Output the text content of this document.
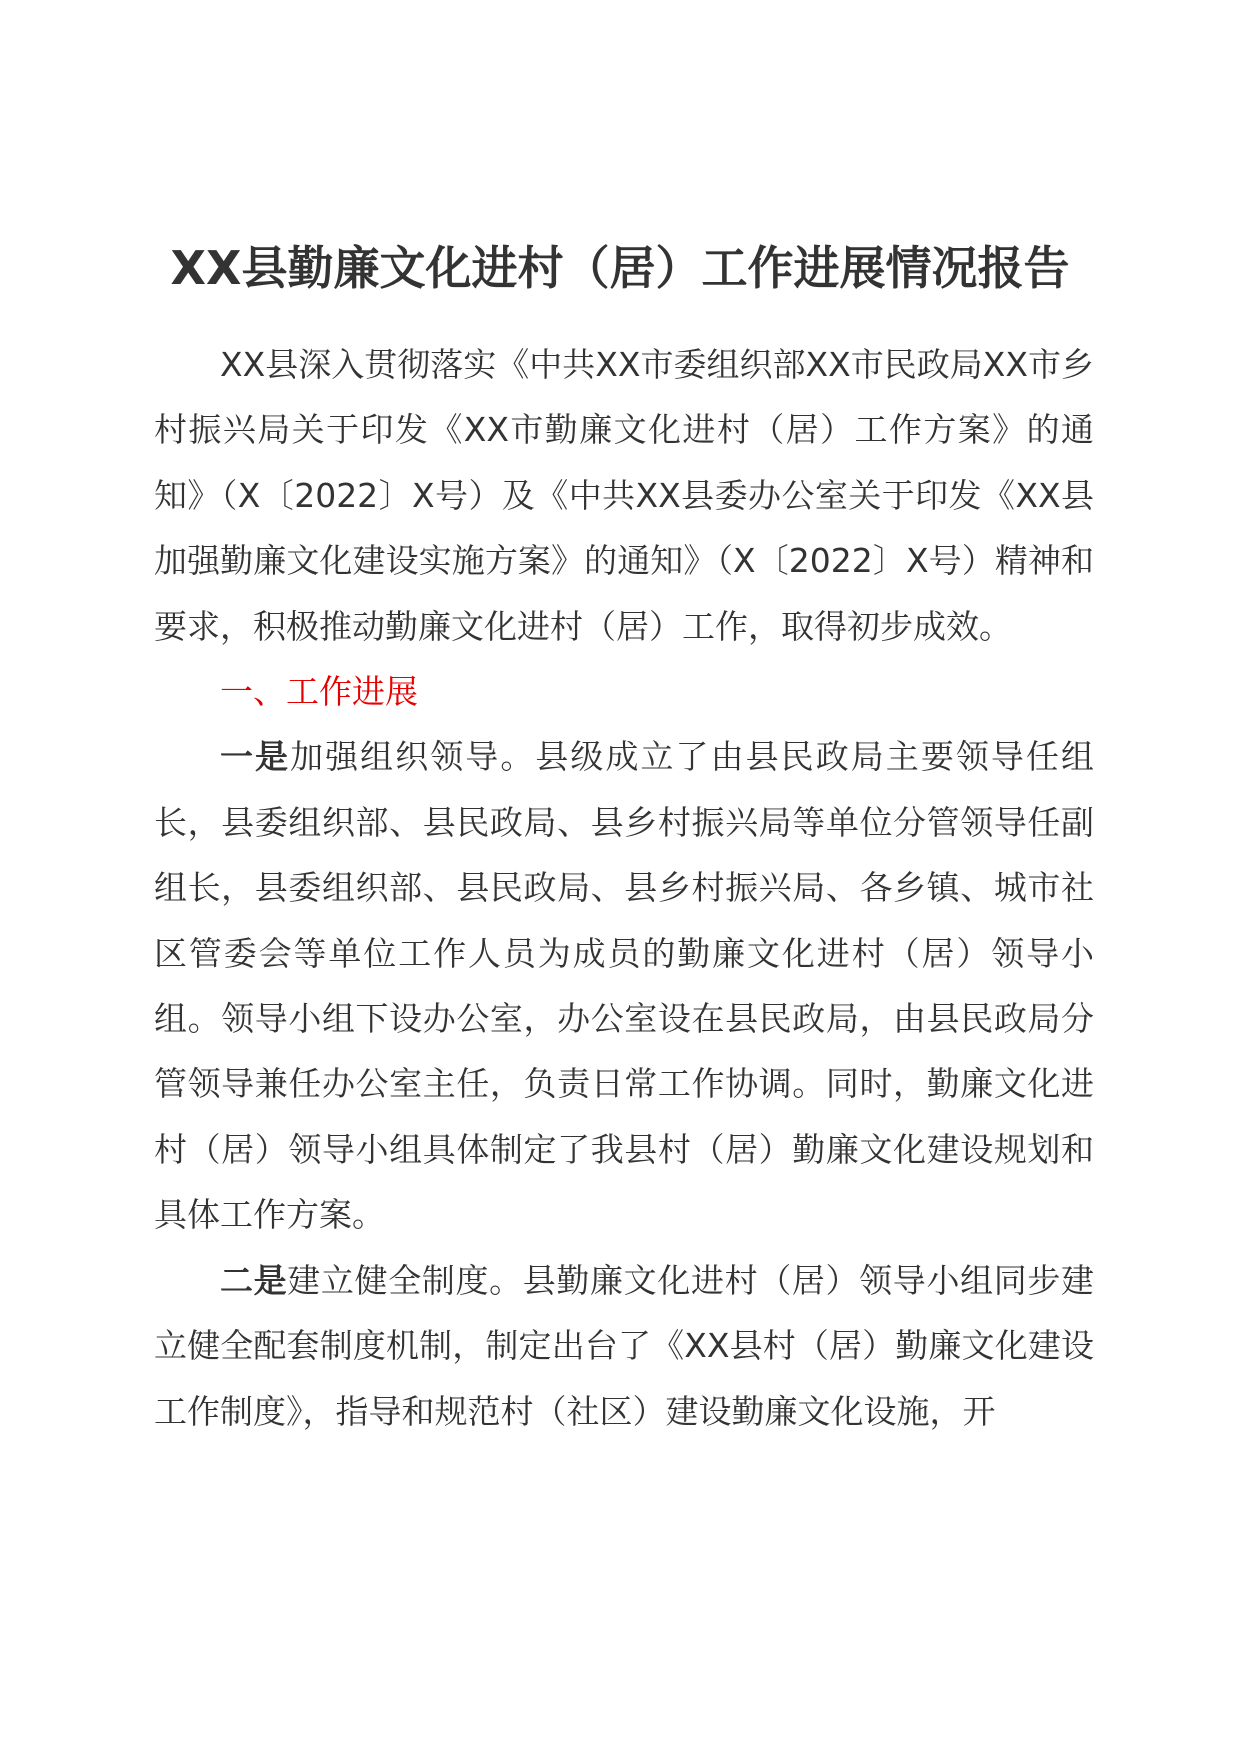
XX县勤廉文化进村（居）工作进展情况报告

XX县深入贯彻落实《中共XX市委组织部XX市民政局XX市乡村振兴局关于印发《XX市勤廉文化进村（居）工作方案》的通知》（X〔2022〕X号）及《中共XX县委办公室关于印发《XX县加强勤廉文化建设实施方案》的通知》（X〔2022〕X号）精神和要求，积极推动勤廉文化进村（居）工作，取得初步成效。

一、工作进展

一是加强组织领导。县级成立了由县民政局主要领导任组长，县委组织部、县民政局、县乡村振兴局等单位分管领导任副组长，县委组织部、县民政局、县乡村振兴局、各乡镇、城市社区管委会等单位工作人员为成员的勤廉文化进村（居）领导小组。领导小组下设办公室，办公室设在县民政局，由县民政局分管领导兼任办公室主任，负责日常工作协调。同时，勤廉文化进村（居）领导小组具体制定了我县村（居）勤廉文化建设规划和具体工作方案。

二是建立健全制度。县勤廉文化进村（居）领导小组同步建立健全配套制度机制，制定出台了《XX县村（居）勤廉文化建设工作制度》，指导和规范村（社区）建设勤廉文化设施，开
